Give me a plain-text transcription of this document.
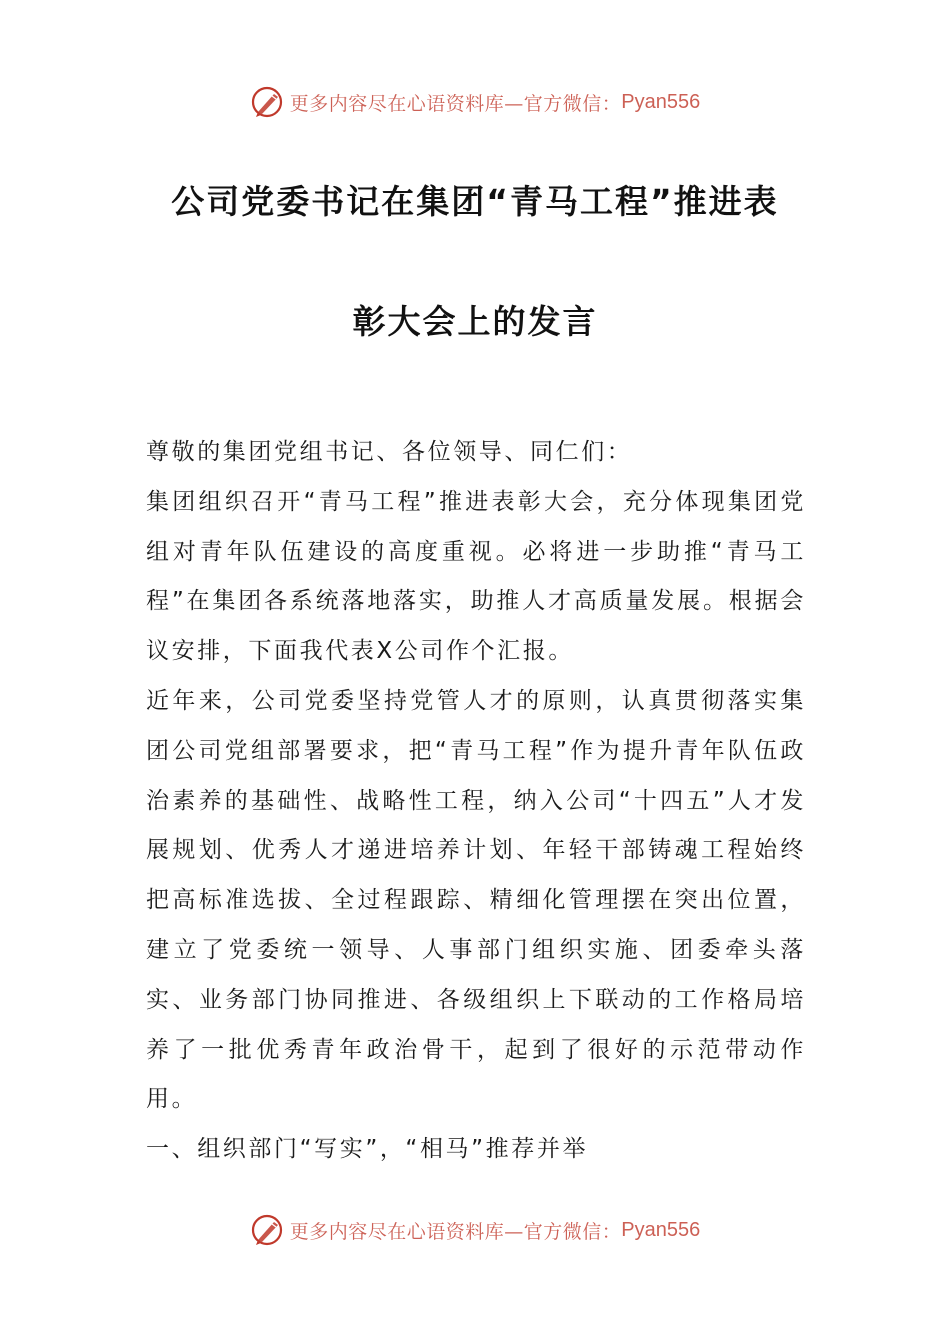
更多内容尽在心语资料库—官方微信： Pyan556
公司党委书记在集团“青马工程”推进表
彰大会上的发言

尊敬的集团党组书记、各位领导、同仁们：

集团组织召开“青马工程”推进表彰大会，充分体现集团党组对青年队伍建设的高度重视。必将进一步助推“青马工程”在集团各系统落地落实，助推人才高质量发展。根据会议安排，下面我代表X公司作个汇报。

近年来，公司党委坚持党管人才的原则，认真贯彻落实集团公司党组部署要求，把“青马工程”作为提升青年队伍政治素养的基础性、战略性工程，纳入公司“十四五”人才发展规划、优秀人才递进培养计划、年轻干部铸魂工程始终把高标准选拔、全过程跟踪、精细化管理摆在突出位置，建立了党委统一领导、人事部门组织实施、团委牵头落实、业务部门协同推进、各级组织上下联动的工作格局培养了一批优秀青年政治骨干，起到了很好的示范带动作用。

一、组织部门“写实”，“相马”推荐并举

更多内容尽在心语资料库—官方微信： Pyan556
